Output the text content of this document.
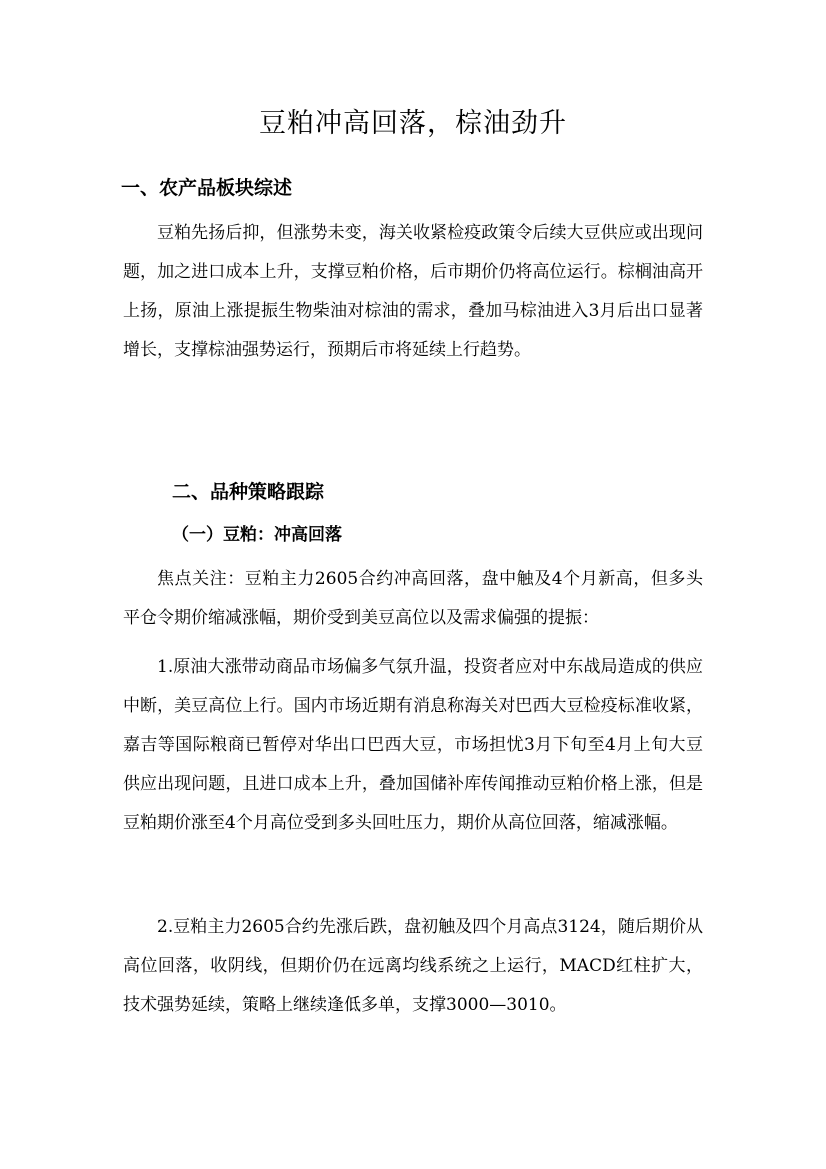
豆粕冲高回落，棕油劲升
一、农产品板块综述

豆粕先扬后抑，但涨势未变，海关收紧检疫政策令后续大豆供应或出现问题，加之进口成本上升，支撑豆粕价格，后市期价仍将高位运行。棕榈油高开上扬，原油上涨提振生物柴油对棕油的需求，叠加马棕油进入3月后出口显著增长，支撑棕油强势运行，预期后市将延续上行趋势。

二、品种策略跟踪
（一）豆粕：冲高回落

焦点关注：豆粕主力2605合约冲高回落，盘中触及4个月新高，但多头平仓令期价缩减涨幅，期价受到美豆高位以及需求偏强的提振：

1.原油大涨带动商品市场偏多气氛升温，投资者应对中东战局造成的供应中断，美豆高位上行。国内市场近期有消息称海关对巴西大豆检疫标准收紧，嘉吉等国际粮商已暂停对华出口巴西大豆，市场担忧3月下旬至4月上旬大豆供应出现问题，且进口成本上升，叠加国储补库传闻推动豆粕价格上涨，但是豆粕期价涨至4个月高位受到多头回吐压力，期价从高位回落，缩减涨幅。

2.豆粕主力2605合约先涨后跌，盘初触及四个月高点3124，随后期价从高位回落，收阴线，但期价仍在远离均线系统之上运行，MACD红柱扩大，技术强势延续，策略上继续逢低多单，支撑3000—3010。
